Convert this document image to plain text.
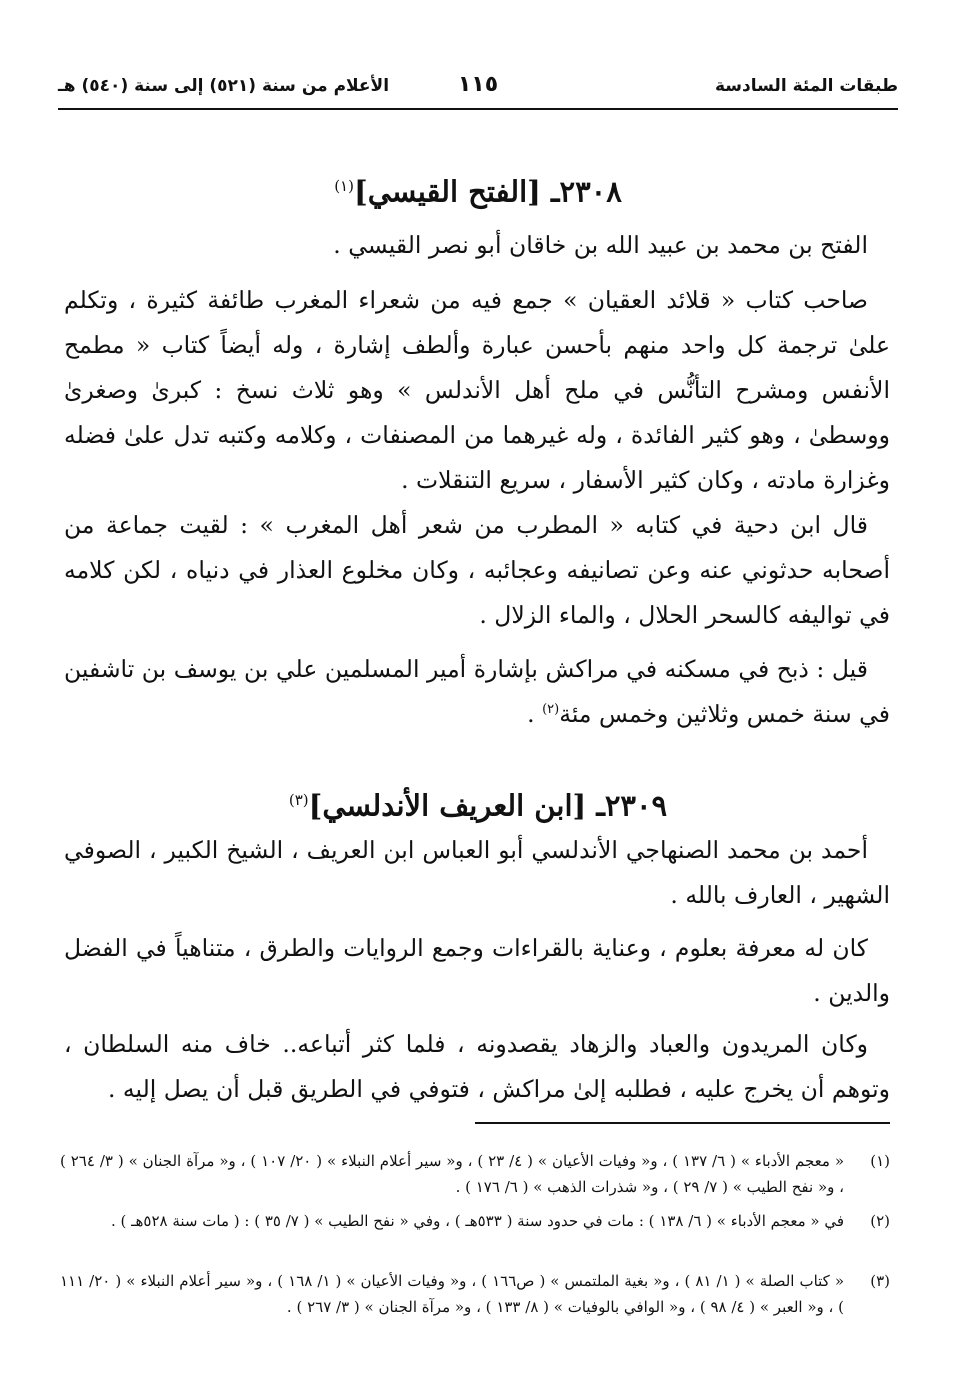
طبقات المئة السادسة
١١٥
الأعلام من سنة (٥٢١) إلى سنة (٥٤٠) هـ
٢٣٠٨ـ [الفتح القيسي]$^{(١)}$
الفتح بن محمد بن عبيد الله بن خاقان أبو نصر القيسي .
صاحب كتاب « قلائد العقيان » جمع فيه من شعراء المغرب طائفة كثيرة ، وتكلم علىٰ ترجمة كل واحد منهم بأحسن عبارة وألطف إشارة ، وله أيضاً كتاب « مطمح الأنفس ومشرح التأنُّس في ملح أهل الأندلس » وهو ثلاث نسخ : كبرىٰ وصغرىٰ ووسطىٰ ، وهو كثير الفائدة ، وله غيرهما من المصنفات ، وكلامه وكتبه تدل علىٰ فضله وغزارة مادته ، وكان كثير الأسفار ، سريع التنقلات .
قال ابن دحية في كتابه « المطرب من شعر أهل المغرب » : لقيت جماعة من أصحابه حدثوني عنه وعن تصانيفه وعجائبه ، وكان مخلوع العذار في دنياه ، لكن كلامه في تواليفه كالسحر الحلال ، والماء الزلال .
قيل : ذبح في مسكنه في مراكش بإشارة أمير المسلمين علي بن يوسف بن تاشفين في سنة خمس وثلاثين وخمس مئة$^{(٢)}$ .
٢٣٠٩ـ [ابن العريف الأندلسي]$^{(٣)}$
أحمد بن محمد الصنهاجي الأندلسي أبو العباس ابن العريف ، الشيخ الكبير ، الصوفي الشهير ، العارف بالله .
كان له معرفة بعلوم ، وعناية بالقراءات وجمع الروايات والطرق ، متناهياً في الفضل والدين .
وكان المريدون والعباد والزهاد يقصدونه ، فلما كثر أتباعه.. خاف منه السلطان ، وتوهم أن يخرج عليه ، فطلبه إلىٰ مراكش ، فتوفي في الطريق قبل أن يصل إليه .
(١)
« معجم الأدباء » ( ٦/ ١٣٧ ) ، و« وفيات الأعيان » ( ٤/ ٢٣ ) ، و« سير أعلام النبلاء » ( ٢٠/ ١٠٧ ) ، و« مرآة الجنان » ( ٣/ ٢٦٤ ) ، و« نفح الطيب » ( ٧/ ٢٩ ) ، و« شذرات الذهب » ( ٦/ ١٧٦ ) .
(٢)
في « معجم الأدباء » ( ٦/ ١٣٨ ) : مات في حدود سنة ( ٥٣٣هـ ) ، وفي « نفح الطيب » ( ٧/ ٣٥ ) : ( مات سنة ٥٢٨هـ ) .
(٣)
« كتاب الصلة » ( ١/ ٨١ ) ، و« بغية الملتمس » ( ص١٦٦ ) ، و« وفيات الأعيان » ( ١/ ١٦٨ ) ، و« سير أعلام النبلاء » ( ٢٠/ ١١١ ) ، و« العبر » ( ٤/ ٩٨ ) ، و« الوافي بالوفيات » ( ٨/ ١٣٣ ) ، و« مرآة الجنان » ( ٣/ ٢٦٧ ) .
